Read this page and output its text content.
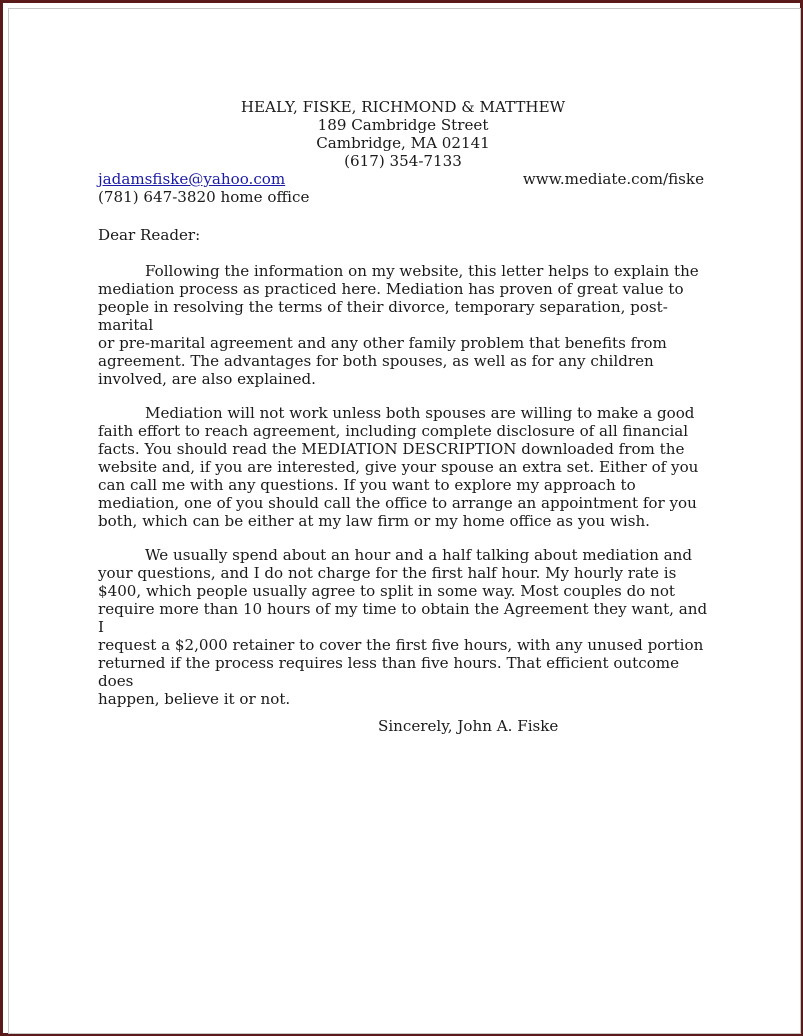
HEALY, FISKE, RICHMOND & MATTHEW
189 Cambridge Street
Cambridge, MA 02141
(617) 354-7133
jadamsfiske@yahoo.com	www.mediate.com/fiske
(781) 647-3820 home office
Dear Reader:
Following the information on my website, this letter helps to explain the
mediation process as practiced here. Mediation has proven of great value to
people in resolving the terms of their divorce, temporary separation, post-marital
or pre-marital agreement and any other family problem that benefits from
agreement. The advantages for both spouses, as well as for any children
involved, are also explained.
Mediation will not work unless both spouses are willing to make a good
faith effort to reach agreement, including complete disclosure of all financial
facts. You should read the MEDIATION DESCRIPTION downloaded from the
website and, if you are interested, give your spouse an extra set. Either of you
can call me with any questions. If you want to explore my approach to
mediation, one of you should call the office to arrange an appointment for you
both, which can be either at my law firm or my home office as you wish.
We usually spend about an hour and a half talking about mediation and
your questions, and I do not charge for the first half hour. My hourly rate is
$400, which people usually agree to split in some way. Most couples do not
require more than 10 hours of my time to obtain the Agreement they want, and I
request a $2,000 retainer to cover the first five hours, with any unused portion
returned if the process requires less than five hours. That efficient outcome does
happen, believe it or not.
Sincerely, John A. Fiske
